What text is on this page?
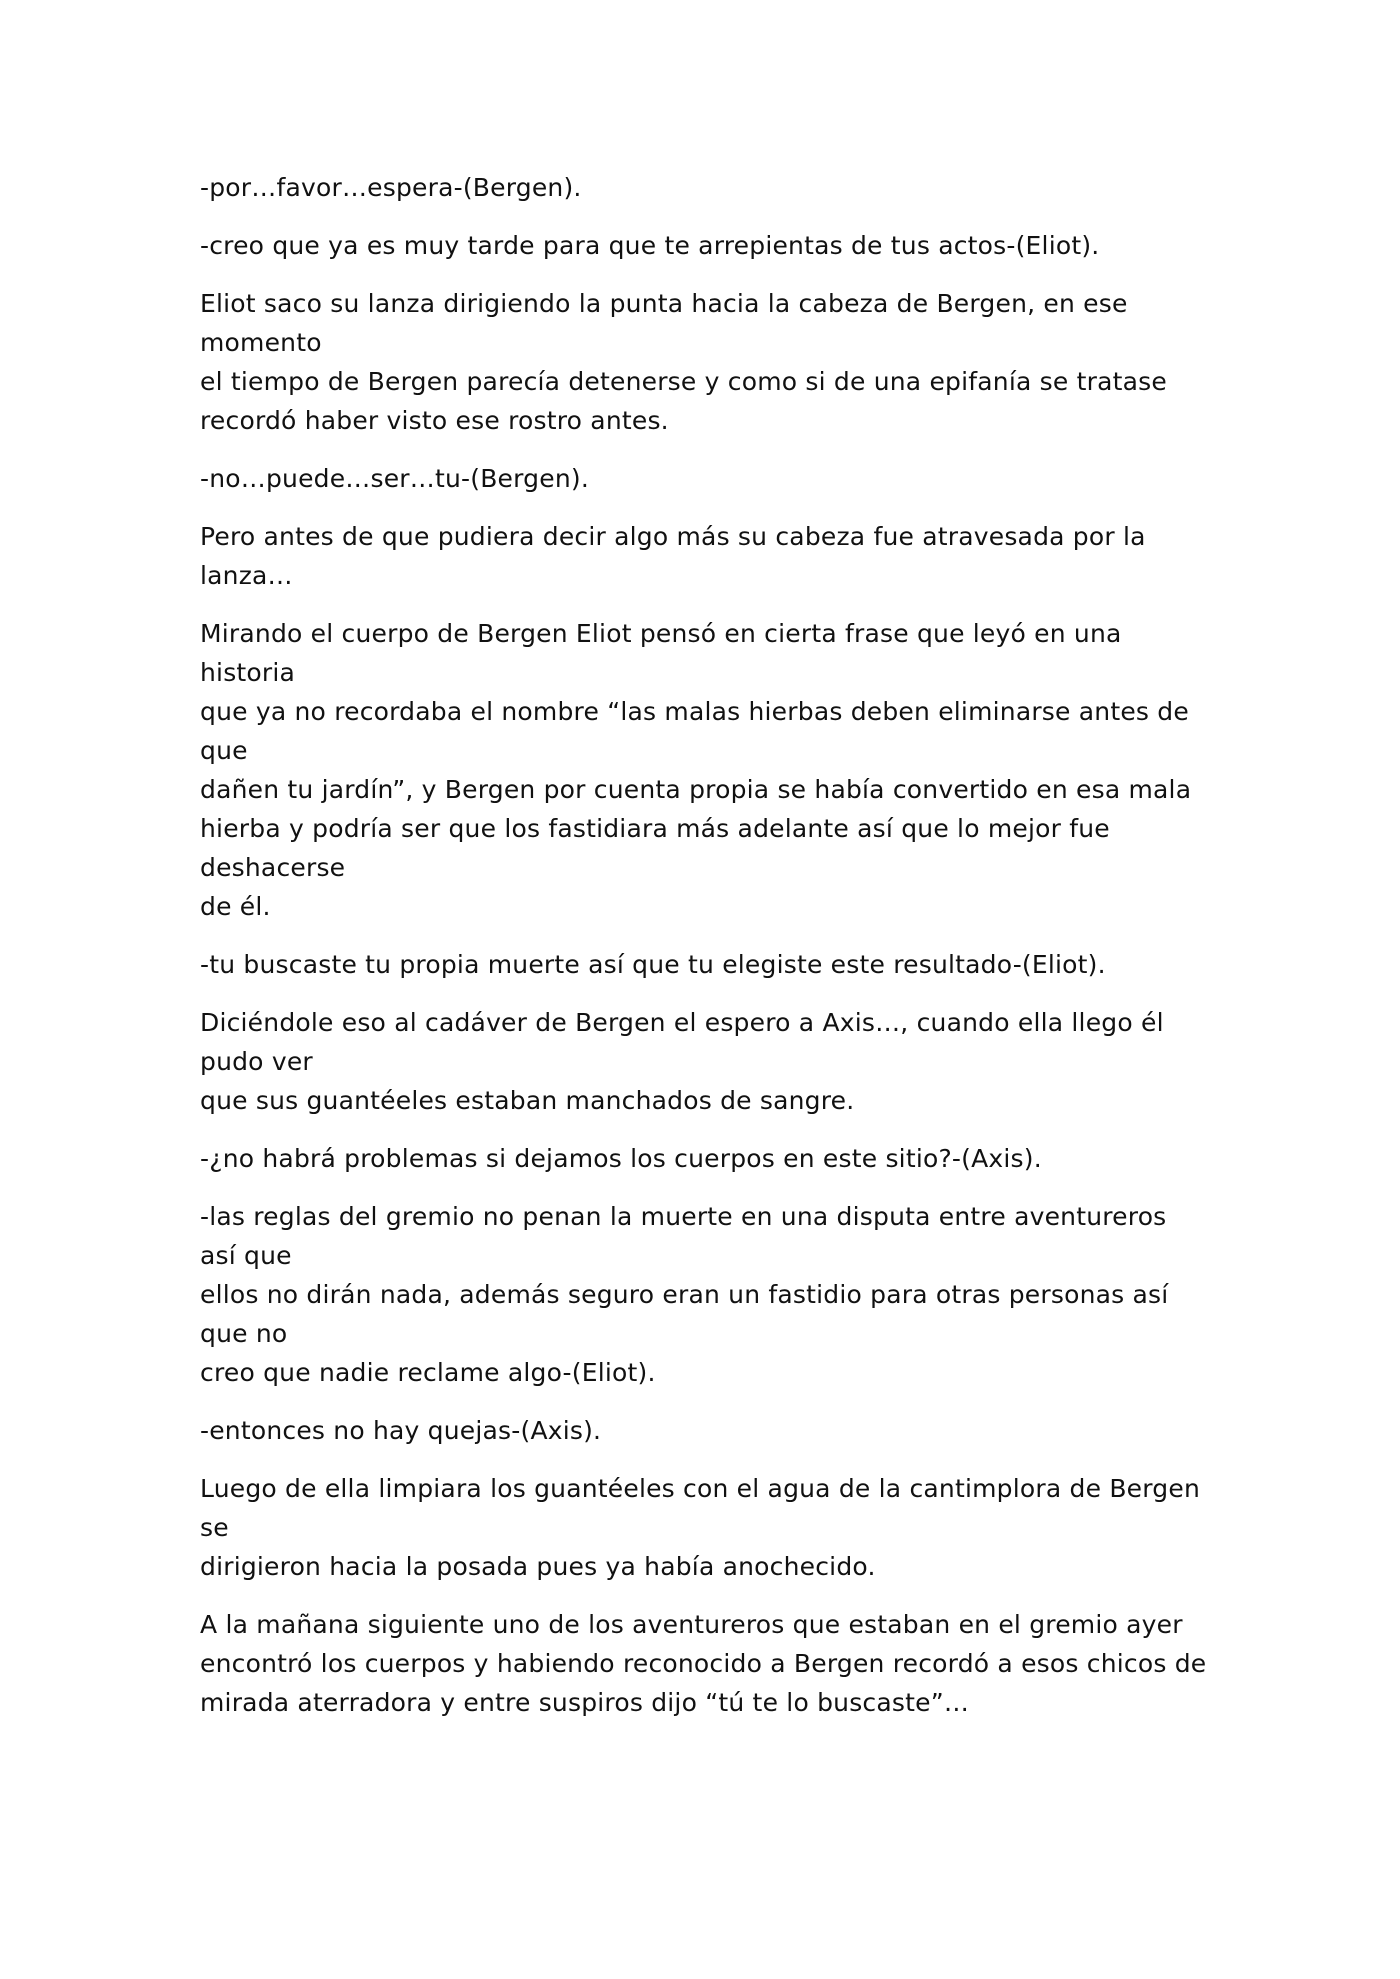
-por…favor…espera-(Bergen).

-creo que ya es muy tarde para que te arrepientas de tus actos-(Eliot).

Eliot saco su lanza dirigiendo la punta hacia la cabeza de Bergen, en ese momento
el tiempo de Bergen parecía detenerse y como si de una epifanía se tratase
recordó haber visto ese rostro antes.

-no…puede…ser…tu-(Bergen).

Pero antes de que pudiera decir algo más su cabeza fue atravesada por la lanza…

Mirando el cuerpo de Bergen Eliot pensó en cierta frase que leyó en una historia
que ya no recordaba el nombre “las malas hierbas deben eliminarse antes de que
dañen tu jardín”, y Bergen por cuenta propia se había convertido en esa mala
hierba y podría ser que los fastidiara más adelante así que lo mejor fue deshacerse
de él.

-tu buscaste tu propia muerte así que tu elegiste este resultado-(Eliot).

Diciéndole eso al cadáver de Bergen el espero a Axis…, cuando ella llego él pudo ver
que sus guantéeles estaban manchados de sangre.

-¿no habrá problemas si dejamos los cuerpos en este sitio?-(Axis).

-las reglas del gremio no penan la muerte en una disputa entre aventureros así que
ellos no dirán nada, además seguro eran un fastidio para otras personas así que no
creo que nadie reclame algo-(Eliot).

-entonces no hay quejas-(Axis).

Luego de ella limpiara los guantéeles con el agua de la cantimplora de Bergen se
dirigieron hacia la posada pues ya había anochecido.

A la mañana siguiente uno de los aventureros que estaban en el gremio ayer
encontró los cuerpos y habiendo reconocido a Bergen recordó a esos chicos de
mirada aterradora y entre suspiros dijo “tú te lo buscaste”…
